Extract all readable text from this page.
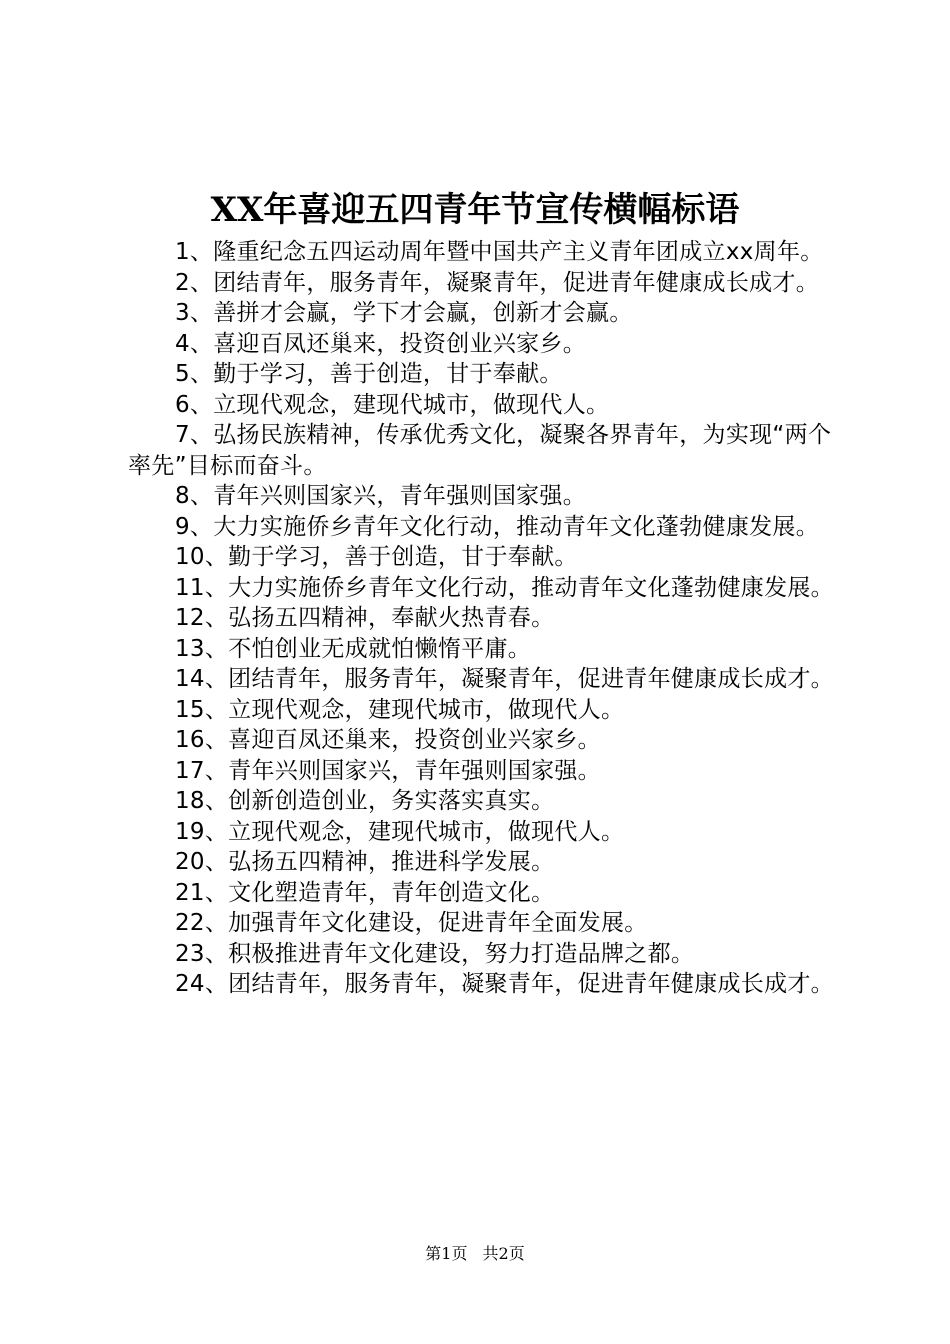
XX年喜迎五四青年节宣传横幅标语

1、隆重纪念五四运动周年暨中国共产主义青年团成立xx周年。

2、团结青年，服务青年，凝聚青年，促进青年健康成长成才。

3、善拼才会赢，学下才会赢，创新才会赢。

4、喜迎百凤还巢来，投资创业兴家乡。

5、勤于学习，善于创造，甘于奉献。

6、立现代观念，建现代城市，做现代人。

7、弘扬民族精神，传承优秀文化，凝聚各界青年，为实现“两个率先”目标而奋斗。

8、青年兴则国家兴，青年强则国家强。

9、大力实施侨乡青年文化行动，推动青年文化蓬勃健康发展。

10、勤于学习，善于创造，甘于奉献。

11、大力实施侨乡青年文化行动，推动青年文化蓬勃健康发展。

12、弘扬五四精神，奉献火热青春。

13、不怕创业无成就怕懒惰平庸。

14、团结青年，服务青年，凝聚青年，促进青年健康成长成才。

15、立现代观念，建现代城市，做现代人。

16、喜迎百凤还巢来，投资创业兴家乡。

17、青年兴则国家兴，青年强则国家强。

18、创新创造创业，务实落实真实。

19、立现代观念，建现代城市，做现代人。

20、弘扬五四精神，推进科学发展。

21、文化塑造青年，青年创造文化。

22、加强青年文化建设，促进青年全面发展。

23、积极推进青年文化建设，努力打造品牌之都。

24、团结青年，服务青年，凝聚青年，促进青年健康成长成才。

第1页 共2页
